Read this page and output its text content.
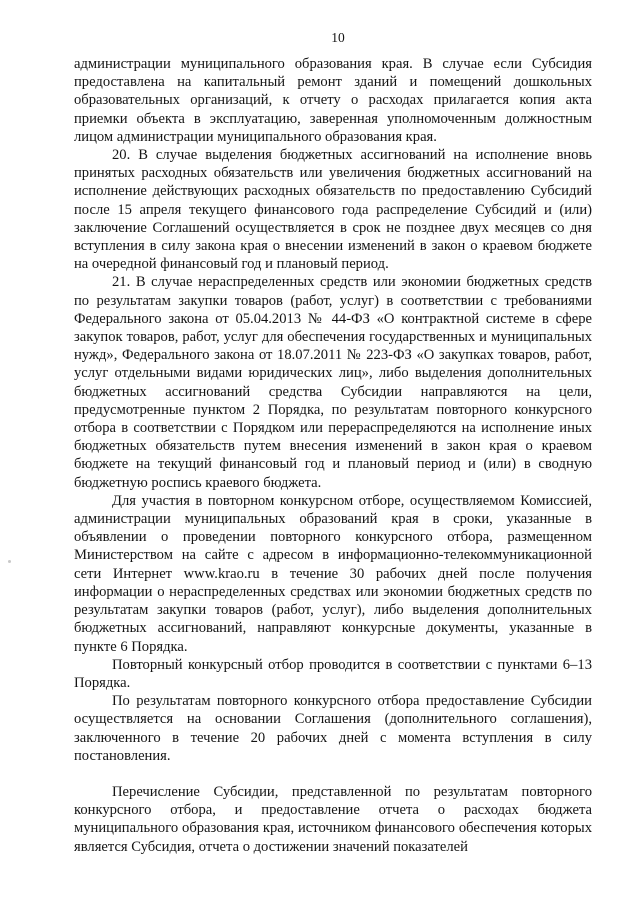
10

администрации муниципального образования края. В случае если Субсидия предоставлена на капитальный ремонт зданий и помещений дошкольных образовательных организаций, к отчету о расходах прилагается копия акта приемки объекта в эксплуатацию, заверенная уполномоченным должностным лицом администрации муниципального образования края.

20. В случае выделения бюджетных ассигнований на исполнение вновь принятых расходных обязательств или увеличения бюджетных ассигнований на исполнение действующих расходных обязательств по предоставлению Субсидий после 15 апреля текущего финансового года распределение Субсидий и (или) заключение Соглашений осуществляется в срок не позднее двух месяцев со дня вступления в силу закона края о внесении изменений в закон о краевом бюджете на очередной финансовый год и плановый период.

21. В случае нераспределенных средств или экономии бюджетных средств по результатам закупки товаров (работ, услуг) в соответствии с требованиями Федерального закона от 05.04.2013 № 44-ФЗ «О контрактной системе в сфере закупок товаров, работ, услуг для обеспечения государственных и муниципальных нужд», Федерального закона от 18.07.2011 № 223-ФЗ «О закупках товаров, работ, услуг отдельными видами юридических лиц», либо выделения дополнительных бюджетных ассигнований средства Субсидии направляются на цели, предусмотренные пунктом 2 Порядка, по результатам повторного конкурсного отбора в соответствии с Порядком или перераспределяются на исполнение иных бюджетных обязательств путем внесения изменений в закон края о краевом бюджете на текущий финансовый год и плановый период и (или) в сводную бюджетную роспись краевого бюджета.

Для участия в повторном конкурсном отборе, осуществляемом Комиссией, администрации муниципальных образований края в сроки, указанные в объявлении о проведении повторного конкурсного отбора, размещенном Министерством на сайте с адресом в информационно-телекоммуникационной сети Интернет www.krao.ru в течение 30 рабочих дней после получения информации о нераспределенных средствах или экономии бюджетных средств по результатам закупки товаров (работ, услуг), либо выделения дополнительных бюджетных ассигнований, направляют конкурсные документы, указанные в пункте 6 Порядка.

Повторный конкурсный отбор проводится в соответствии с пунктами 6–13 Порядка.

По результатам повторного конкурсного отбора предоставление Субсидии осуществляется на основании Соглашения (дополнительного соглашения), заключенного в течение 20 рабочих дней с момента вступления в силу постановления.

Перечисление Субсидии, представленной по результатам повторного конкурсного отбора, и предоставление отчета о расходах бюджета муниципального образования края, источником финансового обеспечения которых является Субсидия, отчета о достижении значений показателей
